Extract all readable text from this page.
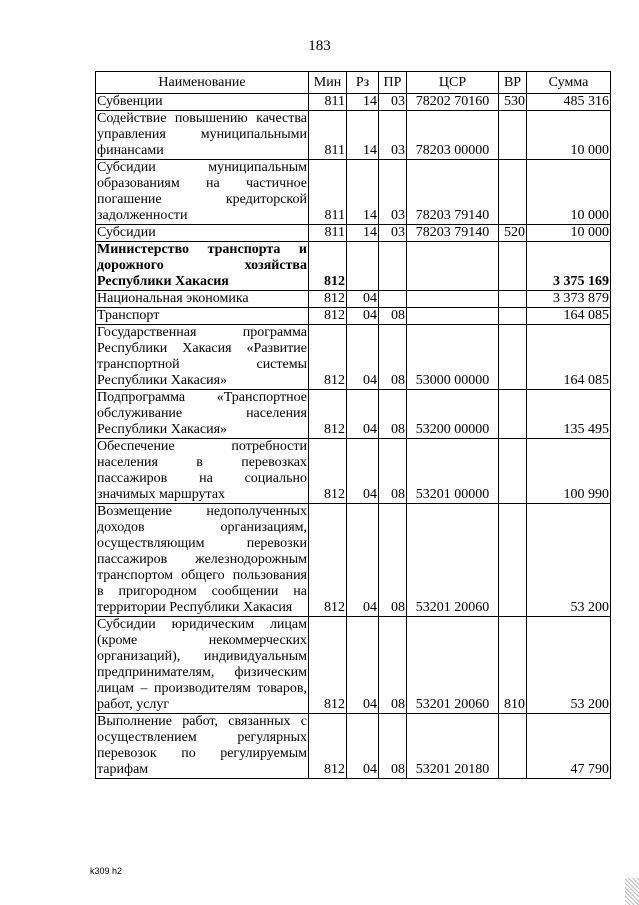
183
Наименование	Мин	Рз	ПР	ЦСР	ВР	Сумма
Субвенции	811	14	03	78202 70160	530	485 316
Содействие повышению качества управления муниципальными финансами	811	14	03	78203 00000		10 000
Субсидии муниципальным образованиям на частичное погашение кредиторской задолженности	811	14	03	78203 79140		10 000
Субсидии	811	14	03	78203 79140	520	10 000
Министерство транспорта и дорожного хозяйства Республики Хакасия	812					3 375 169
Национальная экономика	812	04				3 373 879
Транспорт	812	04	08			164 085
Государственная программа Республики Хакасия «Развитие транспортной системы Республики Хакасия»	812	04	08	53000 00000		164 085
Подпрограмма «Транспортное обслуживание населения Республики Хакасия»	812	04	08	53200 00000		135 495
Обеспечение потребности населения в перевозках пассажиров на социально значимых маршрутах	812	04	08	53201 00000		100 990
Возмещение недополученных доходов организациям, осуществляющим перевозки пассажиров железнодорожным транспортом общего пользования в пригородном сообщении на территории Республики Хакасия	812	04	08	53201 20060		53 200
Субсидии юридическим лицам (кроме некоммерческих организаций), индивидуальным предпринимателям, физическим лицам – производителям товаров, работ, услуг	812	04	08	53201 20060	810	53 200
Выполнение работ, связанных с осуществлением регулярных перевозок по регулируемым тарифам	812	04	08	53201 20180		47 790
k309 h2
